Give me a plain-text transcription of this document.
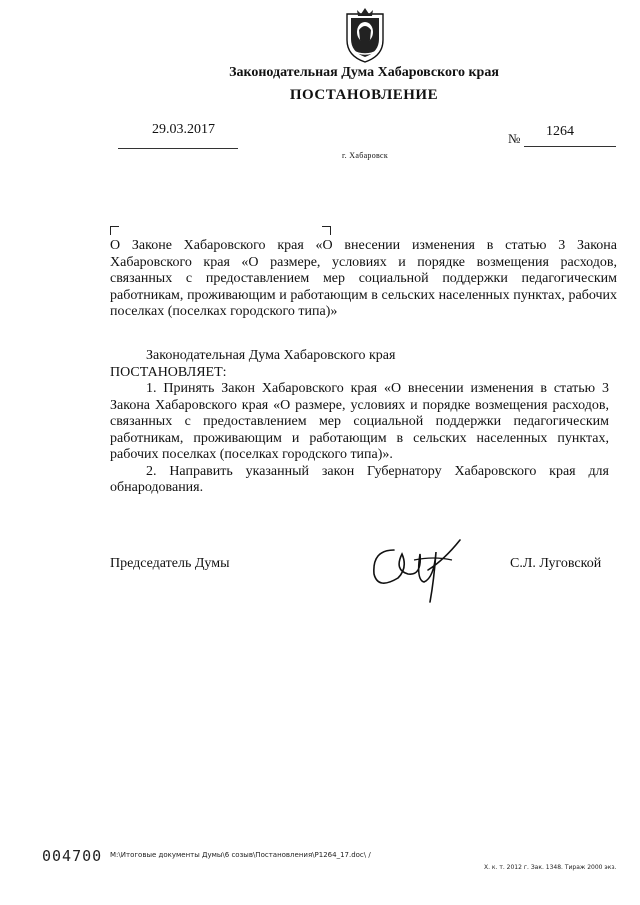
Законодательная Дума Хабаровского края
ПОСТАНОВЛЕНИЕ
29.03.2017
№ 1264
г. Хабаровск
О Законе Хабаровского края «О внесении изменения в статью 3 Закона Хабаровского края «О размере, условиях и порядке возмещения расходов, связанных с предоставлением мер социальной поддержки педагогическим работникам, проживающим и работающим в сельских населенных пунктах, рабочих поселках (поселках городского типа)»
Законодательная Дума Хабаровского края
ПОСТАНОВЛЯЕТ:

1. Принять Закон Хабаровского края «О внесении изменения в статью 3 Закона Хабаровского края «О размере, условиях и порядке возмещения расходов, связанных с предоставлением мер социальной поддержки педагогическим работникам, проживающим и работающим в сельских населенных пунктах, рабочих поселках (поселках городского типа)».

2. Направить указанный закон Губернатору Хабаровского края для обнародования.

Председатель Думы	С.Л. Луговской
004700 М:\Итоговые документы Думы\6 созыв\Постановления\Р1264_17.doc\ /
Х. к. т. 2012 г. Зак. 1348. Тираж 2000 экз.
